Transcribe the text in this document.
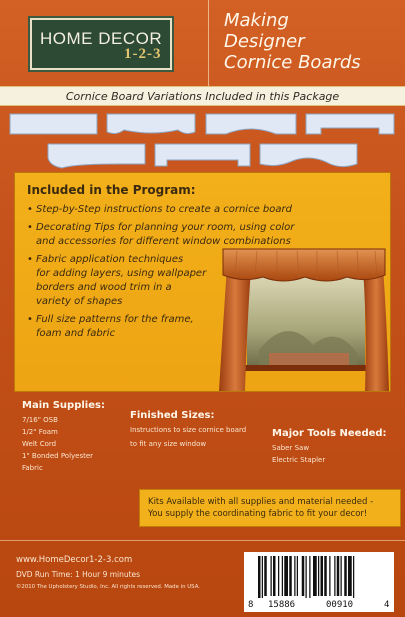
HOME DECOR
1-2-3
Making
Designer
Cornice Boards
Cornice Board Variations Included in this Package
Included in the Program:
• Step-by-Step instructions to create a cornice board
• Decorating Tips for planning your room, using color
and accessories for different window combinations
• Fabric application techniques
for adding layers, using wallpaper
borders and wood trim in a
variety of shapes
• Full size patterns for the frame,
foam and fabric
Main Supplies:
7/16" OSB
1/2" Foam
Welt Cord
1" Bonded Polyester
Fabric
Finished Sizes:
Instructions to size cornice board
to fit any size window
Major Tools Needed:
Saber Saw
Electric Stapler
Kits Available with all supplies and material needed -
You supply the coordinating fabric to fit your decor!
www.HomeDecor1-2-3.com
DVD Run Time: 1 Hour 9 minutes
©2010 The Upholstery Studio, Inc. All rights reserved. Made in USA.
8 15886	00910	4
